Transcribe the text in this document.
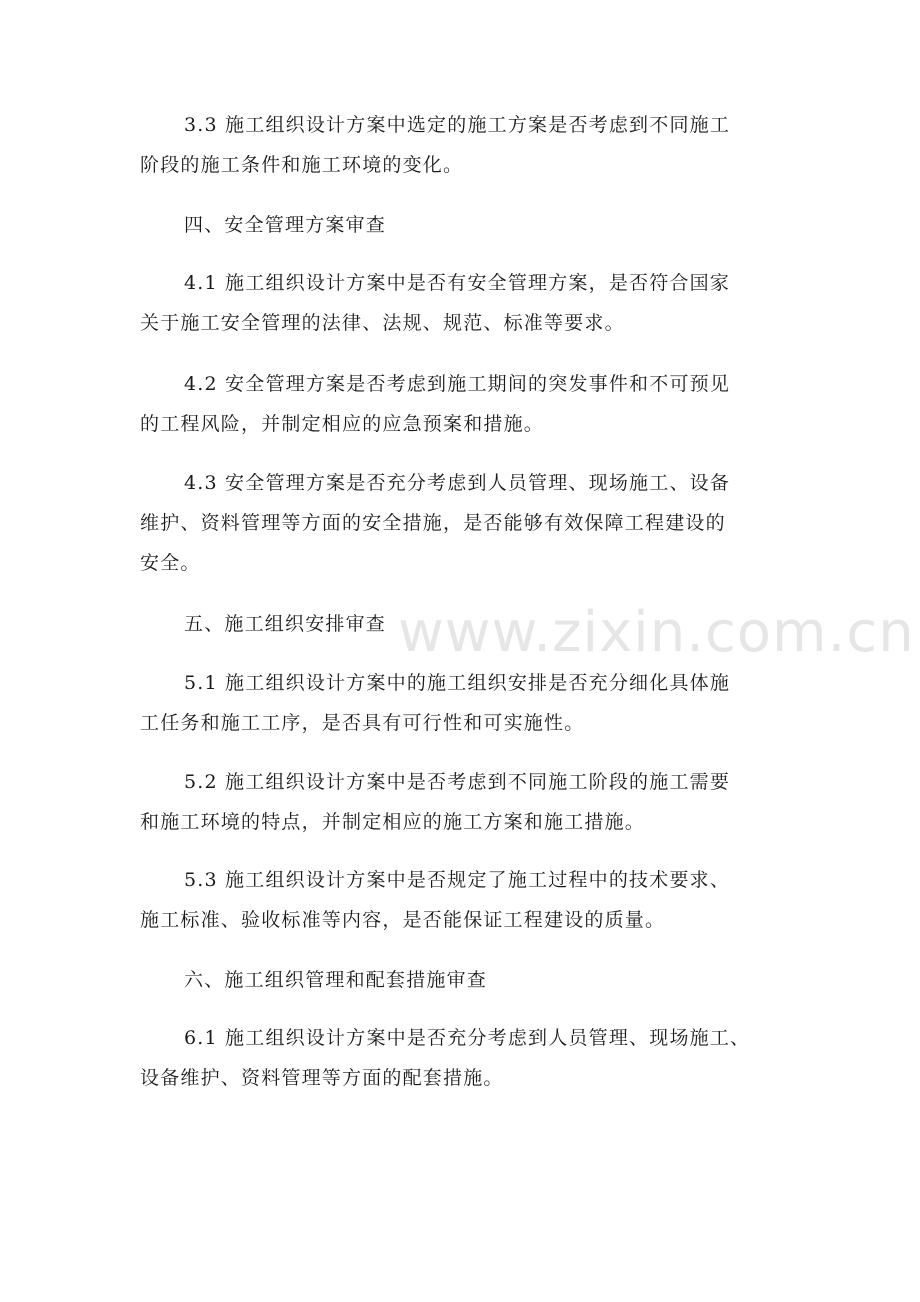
www.zixin.com.cn
3.3 施工组织设计方案中选定的施工方案是否考虑到不同施工
阶段的施工条件和施工环境的变化。
四、安全管理方案审查
4.1 施工组织设计方案中是否有安全管理方案，是否符合国家
关于施工安全管理的法律、法规、规范、标准等要求。
4.2 安全管理方案是否考虑到施工期间的突发事件和不可预见
的工程风险，并制定相应的应急预案和措施。
4.3 安全管理方案是否充分考虑到人员管理、现场施工、设备
维护、资料管理等方面的安全措施，是否能够有效保障工程建设的
安全。
五、施工组织安排审查
5.1 施工组织设计方案中的施工组织安排是否充分细化具体施
工任务和施工工序，是否具有可行性和可实施性。
5.2 施工组织设计方案中是否考虑到不同施工阶段的施工需要
和施工环境的特点，并制定相应的施工方案和施工措施。
5.3 施工组织设计方案中是否规定了施工过程中的技术要求、
施工标准、验收标准等内容，是否能保证工程建设的质量。
六、施工组织管理和配套措施审查
6.1 施工组织设计方案中是否充分考虑到人员管理、现场施工、
设备维护、资料管理等方面的配套措施。
